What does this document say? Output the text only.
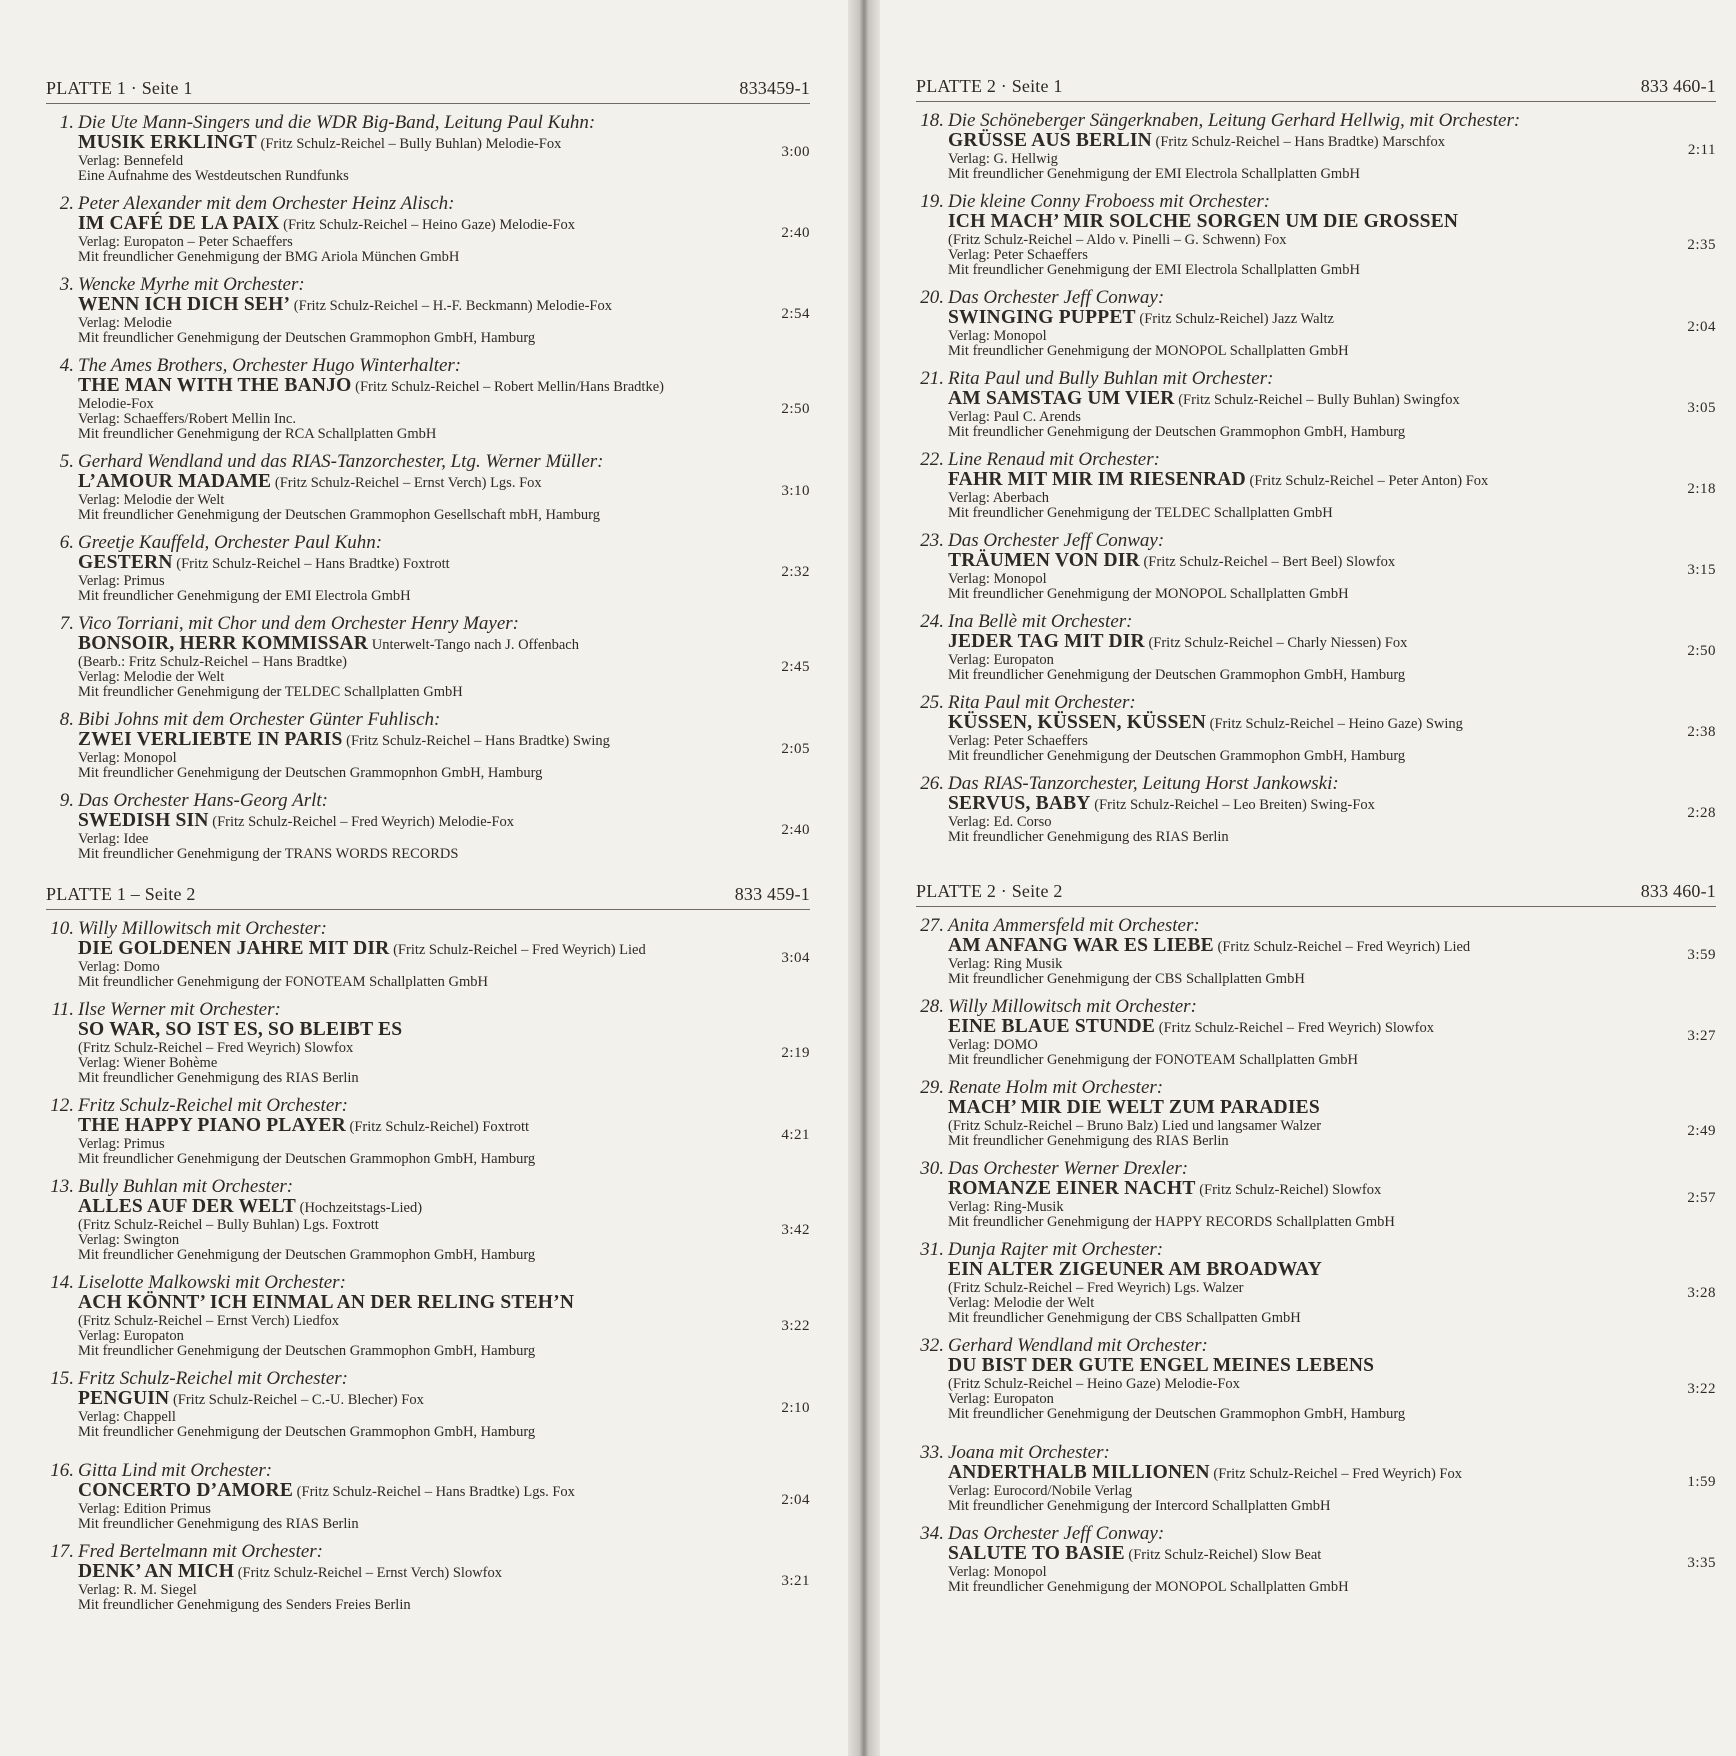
PLATTE 1 · Seite 1	833459-1
1. Die Ute Mann-Singers und die WDR Big-Band, Leitung Paul Kuhn:
MUSIK ERKLINGT (Fritz Schulz-Reichel – Bully Buhlan) Melodie-Fox
Verlag: Bennefeld
Eine Aufnahme des Westdeutschen Rundfunks
3:00
2. Peter Alexander mit dem Orchester Heinz Alisch:
IM CAFÉ DE LA PAIX (Fritz Schulz-Reichel – Heino Gaze) Melodie-Fox
Verlag: Europaton – Peter Schaeffers
Mit freundlicher Genehmigung der BMG Ariola München GmbH
2:40
3. Wencke Myrhe mit Orchester:
WENN ICH DICH SEH’ (Fritz Schulz-Reichel – H.-F. Beckmann) Melodie-Fox
Verlag: Melodie
Mit freundlicher Genehmigung der Deutschen Grammophon GmbH, Hamburg
2:54
4. The Ames Brothers, Orchester Hugo Winterhalter:
THE MAN WITH THE BANJO (Fritz Schulz-Reichel – Robert Mellin/Hans Bradtke)
Melodie-Fox
Verlag: Schaeffers/Robert Mellin Inc.
Mit freundlicher Genehmigung der RCA Schallplatten GmbH
2:50
5. Gerhard Wendland und das RIAS-Tanzorchester, Ltg. Werner Müller:
L’AMOUR MADAME (Fritz Schulz-Reichel – Ernst Verch) Lgs. Fox
Verlag: Melodie der Welt
Mit freundlicher Genehmigung der Deutschen Grammophon Gesellschaft mbH, Hamburg
3:10
6. Greetje Kauffeld, Orchester Paul Kuhn:
GESTERN (Fritz Schulz-Reichel – Hans Bradtke) Foxtrott
Verlag: Primus
Mit freundlicher Genehmigung der EMI Electrola GmbH
2:32
7. Vico Torriani, mit Chor und dem Orchester Henry Mayer:
BONSOIR, HERR KOMMISSAR Unterwelt-Tango nach J. Offenbach
(Bearb.: Fritz Schulz-Reichel – Hans Bradtke)
Verlag: Melodie der Welt
Mit freundlicher Genehmigung der TELDEC Schallplatten GmbH
2:45
8. Bibi Johns mit dem Orchester Günter Fuhlisch:
ZWEI VERLIEBTE IN PARIS (Fritz Schulz-Reichel – Hans Bradtke) Swing
Verlag: Monopol
Mit freundlicher Genehmigung der Deutschen Grammopnhon GmbH, Hamburg
2:05
9. Das Orchester Hans-Georg Arlt:
SWEDISH SIN (Fritz Schulz-Reichel – Fred Weyrich) Melodie-Fox
Verlag: Idee
Mit freundlicher Genehmigung der TRANS WORDS RECORDS
2:40
PLATTE 1 – Seite 2	833 459-1
10. Willy Millowitsch mit Orchester:
DIE GOLDENEN JAHRE MIT DIR (Fritz Schulz-Reichel – Fred Weyrich) Lied
Verlag: Domo
Mit freundlicher Genehmigung der FONOTEAM Schallplatten GmbH
3:04
11. Ilse Werner mit Orchester:
SO WAR, SO IST ES, SO BLEIBT ES
(Fritz Schulz-Reichel – Fred Weyrich) Slowfox
Verlag: Wiener Bohème
Mit freundlicher Genehmigung des RIAS Berlin
2:19
12. Fritz Schulz-Reichel mit Orchester:
THE HAPPY PIANO PLAYER (Fritz Schulz-Reichel) Foxtrott
Verlag: Primus
Mit freundlicher Genehmigung der Deutschen Grammophon GmbH, Hamburg
4:21
13. Bully Buhlan mit Orchester:
ALLES AUF DER WELT (Hochzeitstags-Lied)
(Fritz Schulz-Reichel – Bully Buhlan) Lgs. Foxtrott
Verlag: Swington
Mit freundlicher Genehmigung der Deutschen Grammophon GmbH, Hamburg
3:42
14. Liselotte Malkowski mit Orchester:
ACH KÖNNT’ ICH EINMAL AN DER RELING STEH’N
(Fritz Schulz-Reichel – Ernst Verch) Liedfox
Verlag: Europaton
Mit freundlicher Genehmigung der Deutschen Grammophon GmbH, Hamburg
3:22
15. Fritz Schulz-Reichel mit Orchester:
PENGUIN (Fritz Schulz-Reichel – C.-U. Blecher) Fox
Verlag: Chappell
Mit freundlicher Genehmigung der Deutschen Grammophon GmbH, Hamburg
2:10
16. Gitta Lind mit Orchester:
CONCERTO D’AMORE (Fritz Schulz-Reichel – Hans Bradtke) Lgs. Fox
Verlag: Edition Primus
Mit freundlicher Genehmigung des RIAS Berlin
2:04
17. Fred Bertelmann mit Orchester:
DENK’ AN MICH (Fritz Schulz-Reichel – Ernst Verch) Slowfox
Verlag: R. M. Siegel
Mit freundlicher Genehmigung des Senders Freies Berlin
3:21
PLATTE 2 · Seite 1	833 460-1
18. Die Schöneberger Sängerknaben, Leitung Gerhard Hellwig, mit Orchester:
GRÜSSE AUS BERLIN (Fritz Schulz-Reichel – Hans Bradtke) Marschfox
Verlag: G. Hellwig
Mit freundlicher Genehmigung der EMI Electrola Schallplatten GmbH
2:11
19. Die kleine Conny Froboess mit Orchester:
ICH MACH’ MIR SOLCHE SORGEN UM DIE GROSSEN
(Fritz Schulz-Reichel – Aldo v. Pinelli – G. Schwenn) Fox
Verlag: Peter Schaeffers
Mit freundlicher Genehmigung der EMI Electrola Schallplatten GmbH
2:35
20. Das Orchester Jeff Conway:
SWINGING PUPPET (Fritz Schulz-Reichel) Jazz Waltz
Verlag: Monopol
Mit freundlicher Genehmigung der MONOPOL Schallplatten GmbH
2:04
21. Rita Paul und Bully Buhlan mit Orchester:
AM SAMSTAG UM VIER (Fritz Schulz-Reichel – Bully Buhlan) Swingfox
Verlag: Paul C. Arends
Mit freundlicher Genehmigung der Deutschen Grammophon GmbH, Hamburg
3:05
22. Line Renaud mit Orchester:
FAHR MIT MIR IM RIESENRAD (Fritz Schulz-Reichel – Peter Anton) Fox
Verlag: Aberbach
Mit freundlicher Genehmigung der TELDEC Schallplatten GmbH
2:18
23. Das Orchester Jeff Conway:
TRÄUMEN VON DIR (Fritz Schulz-Reichel – Bert Beel) Slowfox
Verlag: Monopol
Mit freundlicher Genehmigung der MONOPOL Schallplatten GmbH
3:15
24. Ina Bellè mit Orchester:
JEDER TAG MIT DIR (Fritz Schulz-Reichel – Charly Niessen) Fox
Verlag: Europaton
Mit freundlicher Genehmigung der Deutschen Grammophon GmbH, Hamburg
2:50
25. Rita Paul mit Orchester:
KÜSSEN, KÜSSEN, KÜSSEN (Fritz Schulz-Reichel – Heino Gaze) Swing
Verlag: Peter Schaeffers
Mit freundlicher Genehmigung der Deutschen Grammophon GmbH, Hamburg
2:38
26. Das RIAS-Tanzorchester, Leitung Horst Jankowski:
SERVUS, BABY (Fritz Schulz-Reichel – Leo Breiten) Swing-Fox
Verlag: Ed. Corso
Mit freundlicher Genehmigung des RIAS Berlin
2:28
PLATTE 2 · Seite 2	833 460-1
27. Anita Ammersfeld mit Orchester:
AM ANFANG WAR ES LIEBE (Fritz Schulz-Reichel – Fred Weyrich) Lied
Verlag: Ring Musik
Mit freundlicher Genehmigung der CBS Schallplatten GmbH
3:59
28. Willy Millowitsch mit Orchester:
EINE BLAUE STUNDE (Fritz Schulz-Reichel – Fred Weyrich) Slowfox
Verlag: DOMO
Mit freundlicher Genehmigung der FONOTEAM Schallplatten GmbH
3:27
29. Renate Holm mit Orchester:
MACH’ MIR DIE WELT ZUM PARADIES
(Fritz Schulz-Reichel – Bruno Balz) Lied und langsamer Walzer
Mit freundlicher Genehmigung des RIAS Berlin
2:49
30. Das Orchester Werner Drexler:
ROMANZE EINER NACHT (Fritz Schulz-Reichel) Slowfox
Verlag: Ring-Musik
Mit freundlicher Genehmigung der HAPPY RECORDS Schallplatten GmbH
2:57
31. Dunja Rajter mit Orchester:
EIN ALTER ZIGEUNER AM BROADWAY
(Fritz Schulz-Reichel – Fred Weyrich) Lgs. Walzer
Verlag: Melodie der Welt
Mit freundlicher Genehmigung der CBS Schallpatten GmbH
3:28
32. Gerhard Wendland mit Orchester:
DU BIST DER GUTE ENGEL MEINES LEBENS
(Fritz Schulz-Reichel – Heino Gaze) Melodie-Fox
Verlag: Europaton
Mit freundlicher Genehmigung der Deutschen Grammophon GmbH, Hamburg
3:22
33. Joana mit Orchester:
ANDERTHALB MILLIONEN (Fritz Schulz-Reichel – Fred Weyrich) Fox
Verlag: Eurocord/Nobile Verlag
Mit freundlicher Genehmigung der Intercord Schallplatten GmbH
1:59
34. Das Orchester Jeff Conway:
SALUTE TO BASIE (Fritz Schulz-Reichel) Slow Beat
Verlag: Monopol
Mit freundlicher Genehmigung der MONOPOL Schallplatten GmbH
3:35
